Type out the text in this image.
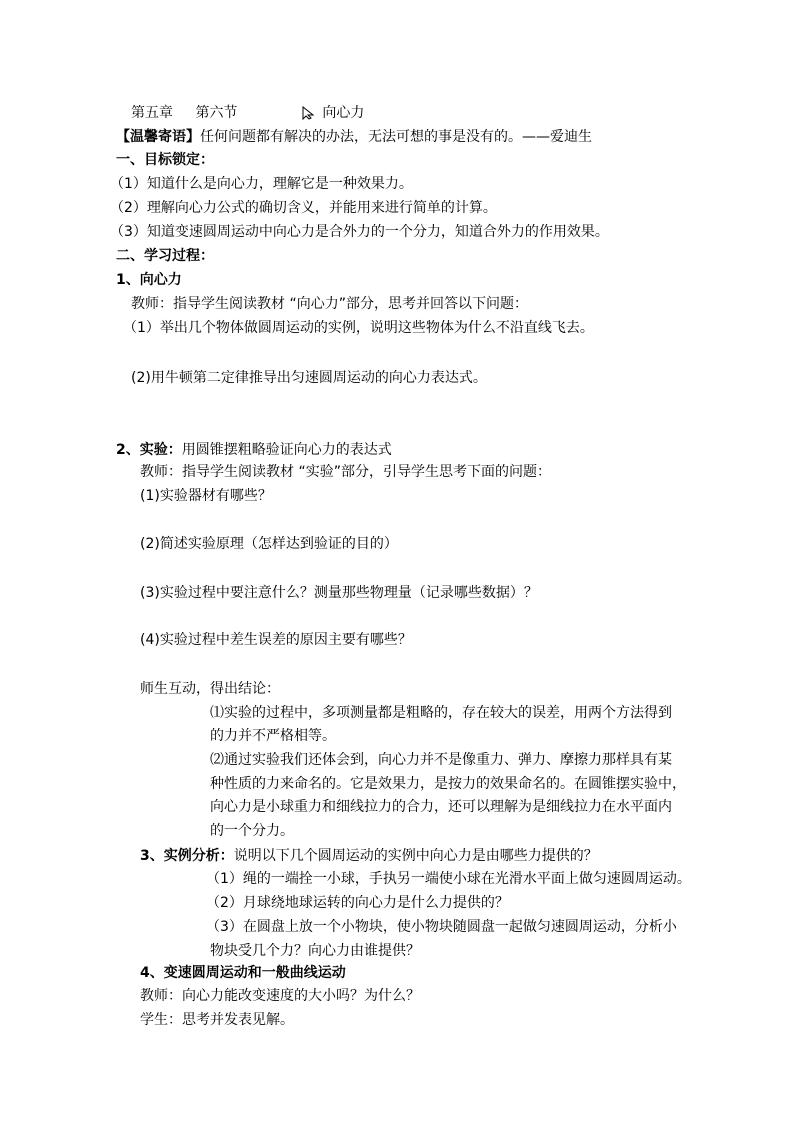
第五章 第六节	向心力
【温馨寄语】任何问题都有解决的办法，无法可想的事是没有的。——爱迪生
一、目标锁定：
（1）知道什么是向心力，理解它是一种效果力。
（2）理解向心力公式的确切含义，并能用来进行简单的计算。
（3）知道变速圆周运动中向心力是合外力的一个分力，知道合外力的作用效果。
二、学习过程：
1、向心力
教师：指导学生阅读教材 “向心力”部分，思考并回答以下问题：
（1）举出几个物体做圆周运动的实例，说明这些物体为什么不沿直线飞去。
(2)用牛顿第二定律推导出匀速圆周运动的向心力表达式。
2、实验：用圆锥摆粗略验证向心力的表达式
教师：指导学生阅读教材 “实验”部分，引导学生思考下面的问题：
(1)实验器材有哪些？
(2)简述实验原理（怎样达到验证的目的）
(3)实验过程中要注意什么？测量那些物理量（记录哪些数据）？
(4)实验过程中差生误差的原因主要有哪些？
师生互动，得出结论：
⑴实验的过程中，多项测量都是粗略的，存在较大的误差，用两个方法得到
的力并不严格相等。
⑵通过实验我们还体会到，向心力并不是像重力、弹力、摩擦力那样具有某
种性质的力来命名的。它是效果力，是按力的效果命名的。在圆锥摆实验中，
向心力是小球重力和细线拉力的合力，还可以理解为是细线拉力在水平面内
的一个分力。
3、实例分析：说明以下几个圆周运动的实例中向心力是由哪些力提供的？
（1）绳的一端拴一小球，手执另一端使小球在光滑水平面上做匀速圆周运动。
（2）月球绕地球运转的向心力是什么力提供的？
（3）在圆盘上放一个小物块，使小物块随圆盘一起做匀速圆周运动，分析小
物块受几个力？向心力由谁提供？
4、变速圆周运动和一般曲线运动
教师：向心力能改变速度的大小吗？为什么？
学生：思考并发表见解。
